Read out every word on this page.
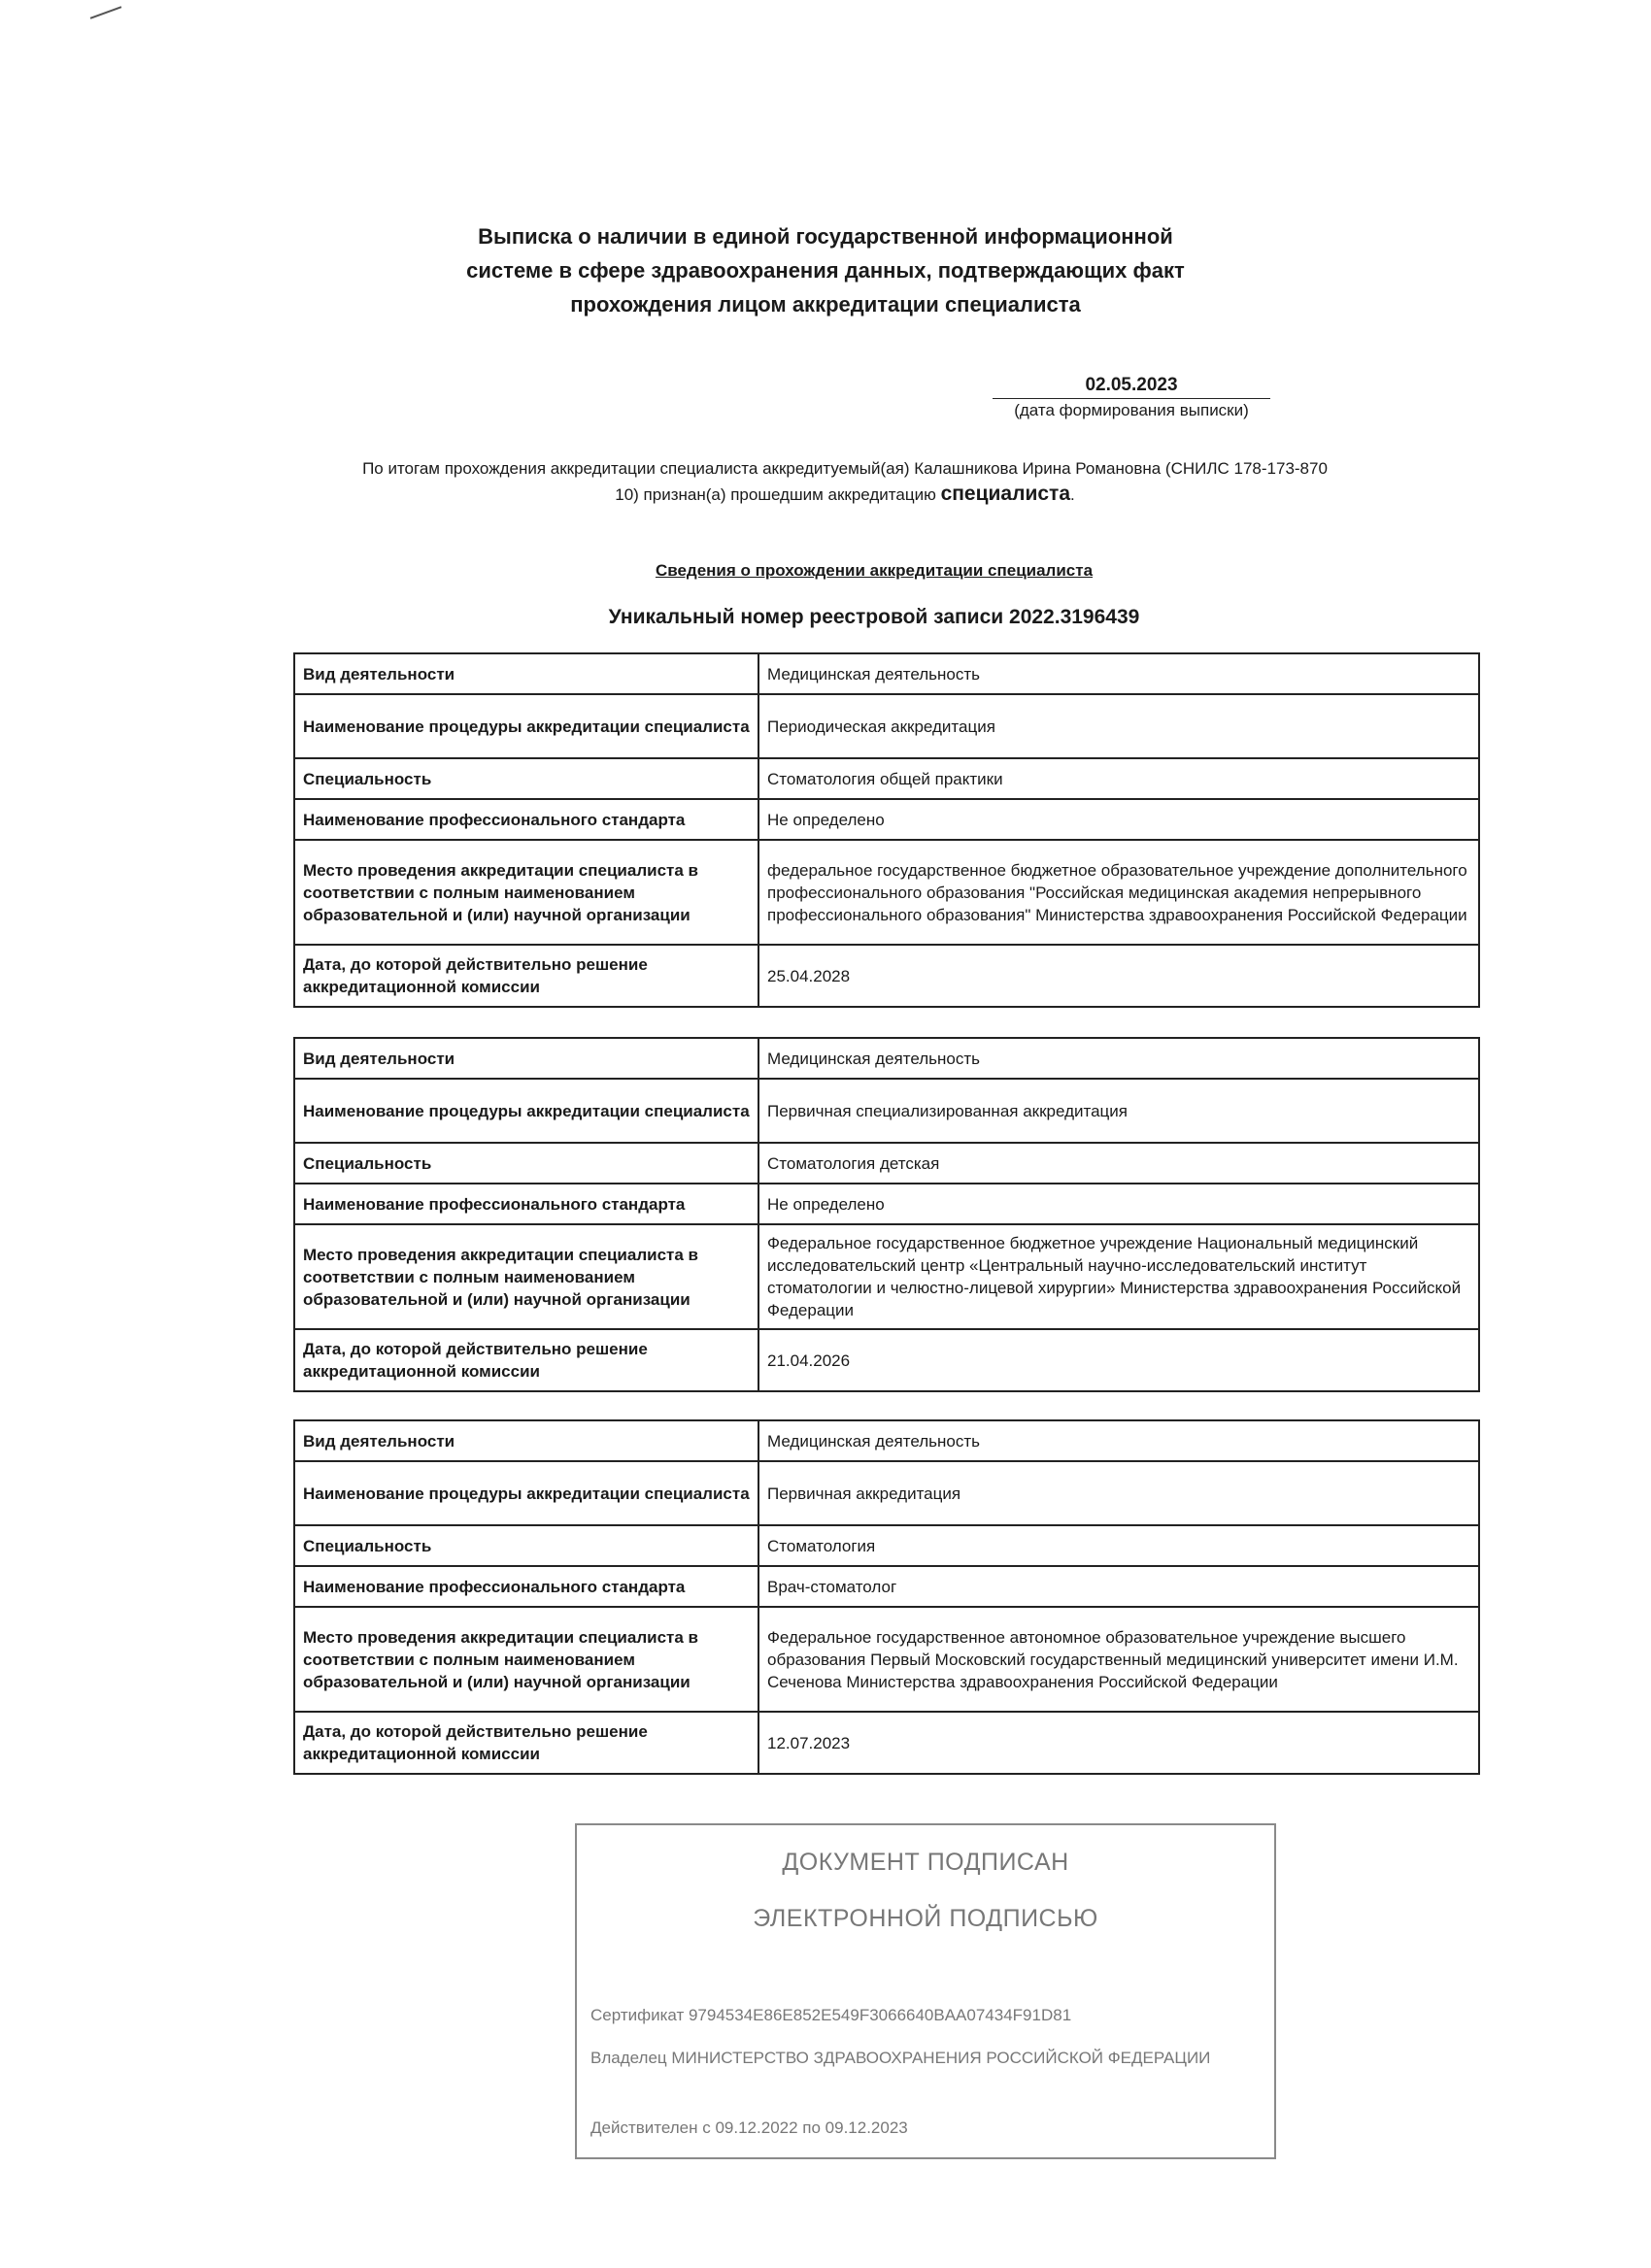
Выписка о наличии в единой государственной информационной
системе в сфере здравоохранения данных, подтверждающих факт
прохождения лицом аккредитации специалиста
02.05.2023
(дата формирования выписки)
По итогам прохождения аккредитации специалиста аккредитуемый(ая) Калашникова Ирина Романовна (СНИЛС 178-173-870
10) признан(а) прошедшим аккредитацию специалиста.
Сведения о прохождении аккредитации специалиста
Уникальный номер реестровой записи 2022.3196439
Вид деятельности	Медицинская деятельность
Наименование процедуры аккредитации специалиста	Периодическая аккредитация
Специальность	Стоматология общей практики
Наименование профессионального стандарта	Не определено
Место проведения аккредитации специалиста в соответствии с полным наименованием образовательной и (или) научной организации	федеральное государственное бюджетное образовательное учреждение дополнительного профессионального образования "Российская медицинская академия непрерывного профессионального образования" Министерства здравоохранения Российской Федерации
Дата, до которой действительно решение аккредитационной комиссии	25.04.2028
Вид деятельности	Медицинская деятельность
Наименование процедуры аккредитации специалиста	Первичная специализированная аккредитация
Специальность	Стоматология детская
Наименование профессионального стандарта	Не определено
Место проведения аккредитации специалиста в соответствии с полным наименованием образовательной и (или) научной организации	Федеральное государственное бюджетное учреждение Национальный медицинский исследовательский центр «Центральный научно-исследовательский институт стоматологии и челюстно-лицевой хирургии» Министерства здравоохранения Российской Федерации
Дата, до которой действительно решение аккредитационной комиссии	21.04.2026
Вид деятельности	Медицинская деятельность
Наименование процедуры аккредитации специалиста	Первичная аккредитация
Специальность	Стоматология
Наименование профессионального стандарта	Врач-стоматолог
Место проведения аккредитации специалиста в соответствии с полным наименованием образовательной и (или) научной организации	Федеральное государственное автономное образовательное учреждение высшего образования Первый Московский государственный медицинский университет имени И.М. Сеченова Министерства здравоохранения Российской Федерации
Дата, до которой действительно решение аккредитационной комиссии	12.07.2023
ДОКУМЕНТ ПОДПИСАН
ЭЛЕКТРОННОЙ ПОДПИСЬЮ
Сертификат 9794534E86E852E549F3066640BAA07434F91D81
Владелец МИНИСТЕРСТВО ЗДРАВООХРАНЕНИЯ РОССИЙСКОЙ ФЕДЕРАЦИИ
Действителен с 09.12.2022 по 09.12.2023
